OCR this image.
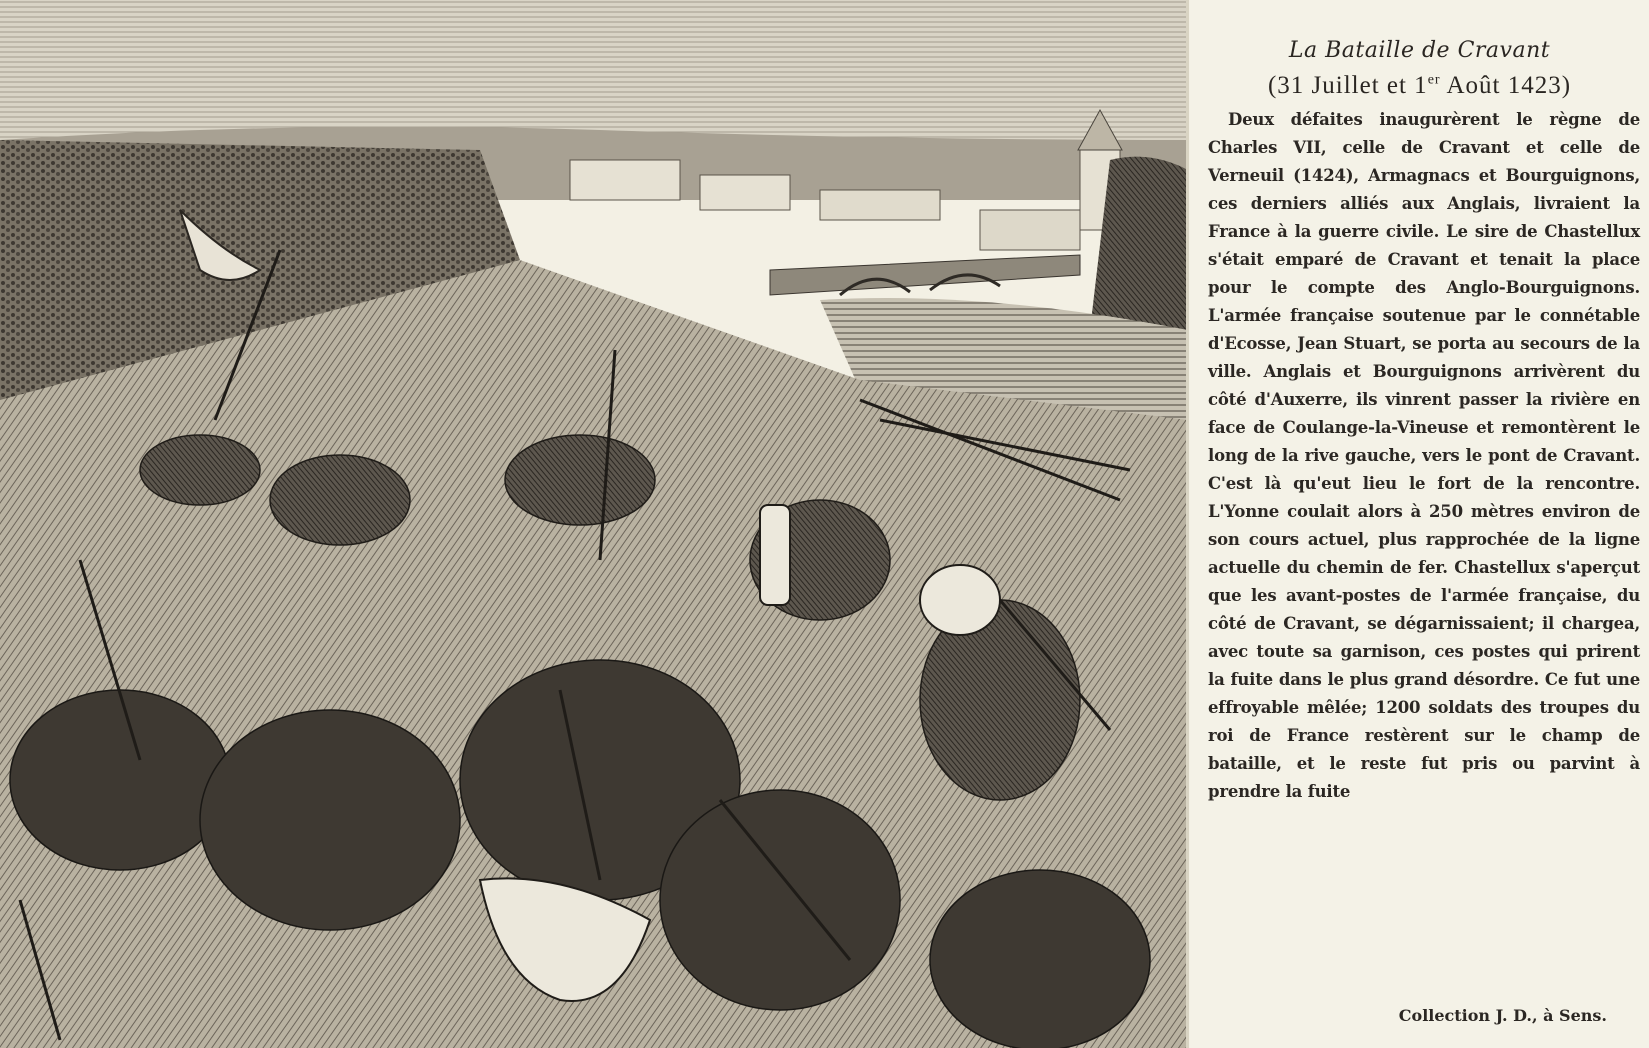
La Bataille de Cravant
(31 Juillet et 1er Août 1423)
Deux défaites inaugurèrent le règne de Charles VII, celle de Cravant et celle de Verneuil (1424), Armagnacs et Bourguignons, ces derniers alliés aux Anglais, livraient la France à la guerre civile. Le sire de Chastellux s'était emparé de Cravant et tenait la place pour le compte des Anglo-Bourguignons. L'armée française soutenue par le connétable d'Ecosse, Jean Stuart, se porta au secours de la ville. Anglais et Bourguignons arrivèrent du côté d'Auxerre, ils vinrent passer la rivière en face de Coulange-la-Vineuse et remontèrent le long de la rive gauche, vers le pont de Cravant. C'est là qu'eut lieu le fort de la rencontre. L'Yonne coulait alors à 250 mètres environ de son cours actuel, plus rapprochée de la ligne actuelle du chemin de fer. Chastellux s'aperçut que les avant-postes de l'armée française, du côté de Cravant, se dégarnissaient; il chargea, avec toute sa garnison, ces postes qui prirent la fuite dans le plus grand désordre. Ce fut une effroyable mêlée; 1200 soldats des troupes du roi de France restèrent sur le champ de bataille, et le reste fut pris ou parvint à prendre la fuite
Collection J. D., à Sens.
